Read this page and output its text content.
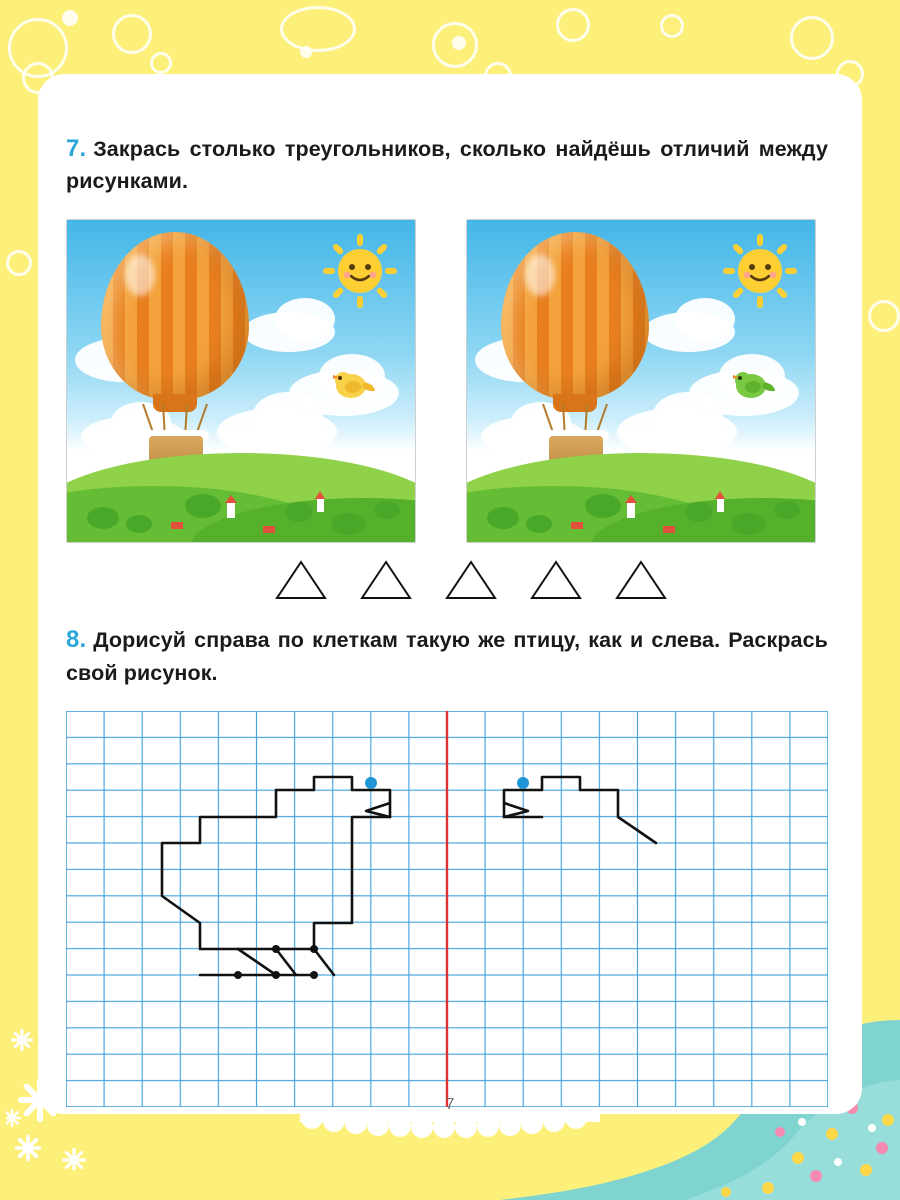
7. Закрась столько треугольников, сколько найдёшь отличий между рисунками.

8. Дорисуй справа по клеткам такую же птицу, как и слева. Раскрась свой рисунок.

7
